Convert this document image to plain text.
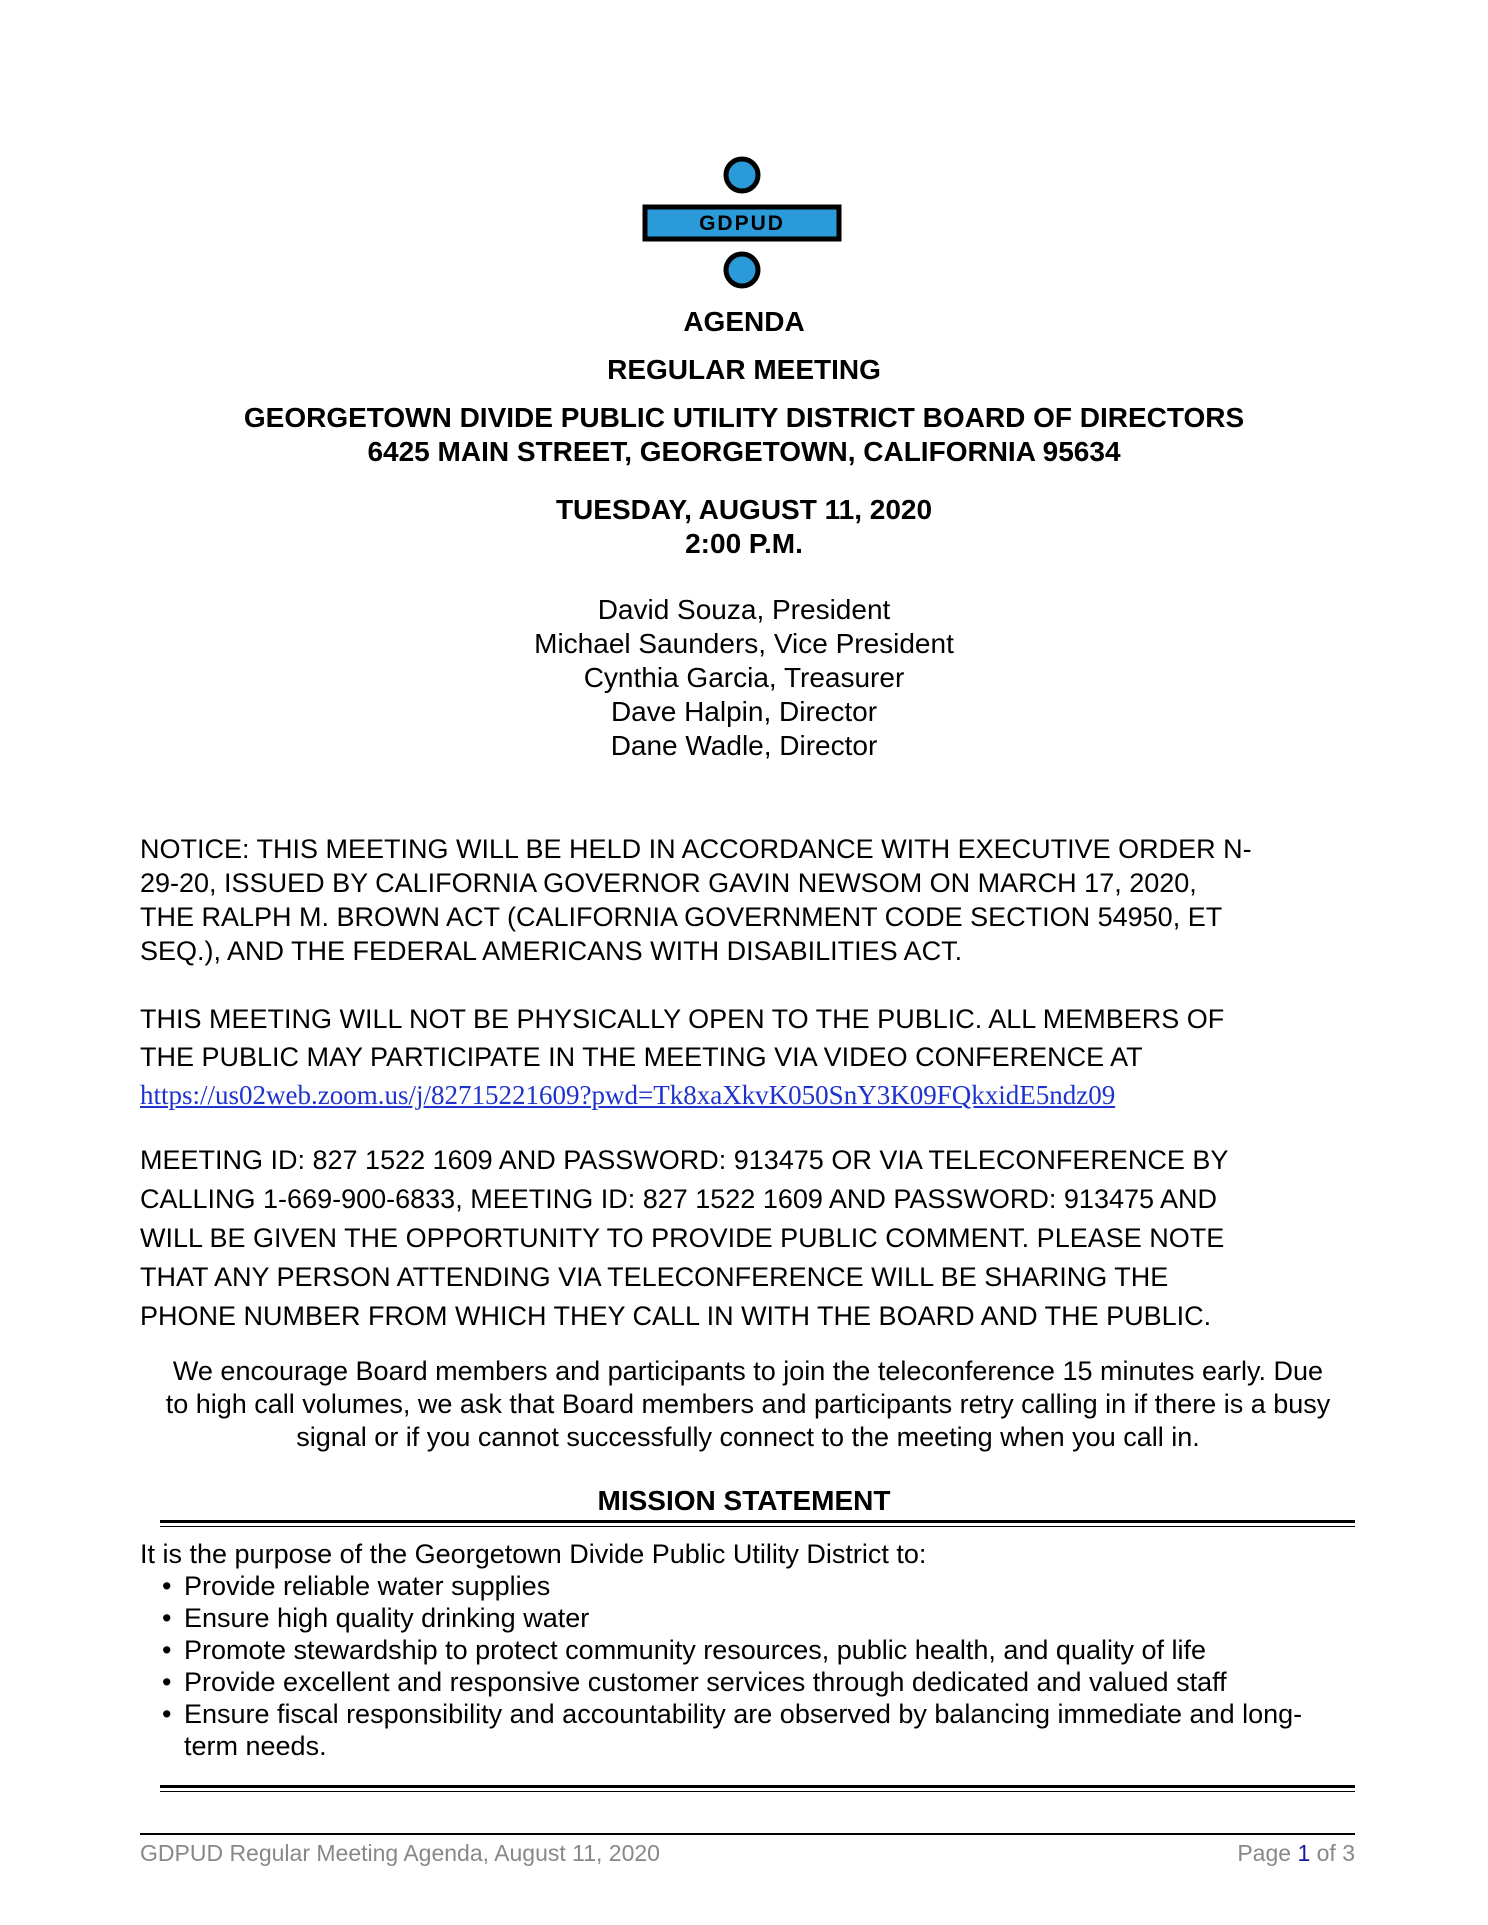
GDPUD
AGENDA
REGULAR MEETING
GEORGETOWN DIVIDE PUBLIC UTILITY DISTRICT BOARD OF DIRECTORS
6425 MAIN STREET, GEORGETOWN, CALIFORNIA 95634
TUESDAY, AUGUST 11, 2020
2:00 P.M.
David Souza, President
Michael Saunders, Vice President
Cynthia Garcia, Treasurer
Dave Halpin, Director
Dane Wadle, Director
NOTICE: THIS MEETING WILL BE HELD IN ACCORDANCE WITH EXECUTIVE ORDER N-
29-20, ISSUED BY CALIFORNIA GOVERNOR GAVIN NEWSOM ON MARCH 17, 2020,
THE RALPH M. BROWN ACT (CALIFORNIA GOVERNMENT CODE SECTION 54950, ET
SEQ.), AND THE FEDERAL AMERICANS WITH DISABILITIES ACT.
THIS MEETING WILL NOT BE PHYSICALLY OPEN TO THE PUBLIC. ALL MEMBERS OF
THE PUBLIC MAY PARTICIPATE IN THE MEETING VIA VIDEO CONFERENCE AT
https://us02web.zoom.us/j/82715221609?pwd=Tk8xaXkvK050SnY3K09FQkxidE5ndz09
MEETING ID: 827 1522 1609 AND PASSWORD: 913475 OR VIA TELECONFERENCE BY
CALLING 1-669-900-6833, MEETING ID: 827 1522 1609 AND PASSWORD: 913475 AND
WILL BE GIVEN THE OPPORTUNITY TO PROVIDE PUBLIC COMMENT. PLEASE NOTE
THAT ANY PERSON ATTENDING VIA TELECONFERENCE WILL BE SHARING THE
PHONE NUMBER FROM WHICH THEY CALL IN WITH THE BOARD AND THE PUBLIC.
We encourage Board members and participants to join the teleconference 15 minutes early. Due
to high call volumes, we ask that Board members and participants retry calling in if there is a busy
signal or if you cannot successfully connect to the meeting when you call in.
MISSION STATEMENT
It is the purpose of the Georgetown Divide Public Utility District to:
• Provide reliable water supplies
• Ensure high quality drinking water
• Promote stewardship to protect community resources, public health, and quality of life
• Provide excellent and responsive customer services through dedicated and valued staff
• Ensure fiscal responsibility and accountability are observed by balancing immediate and long-term needs.
GDPUD Regular Meeting Agenda, August 11, 2020	Page 1 of 3
